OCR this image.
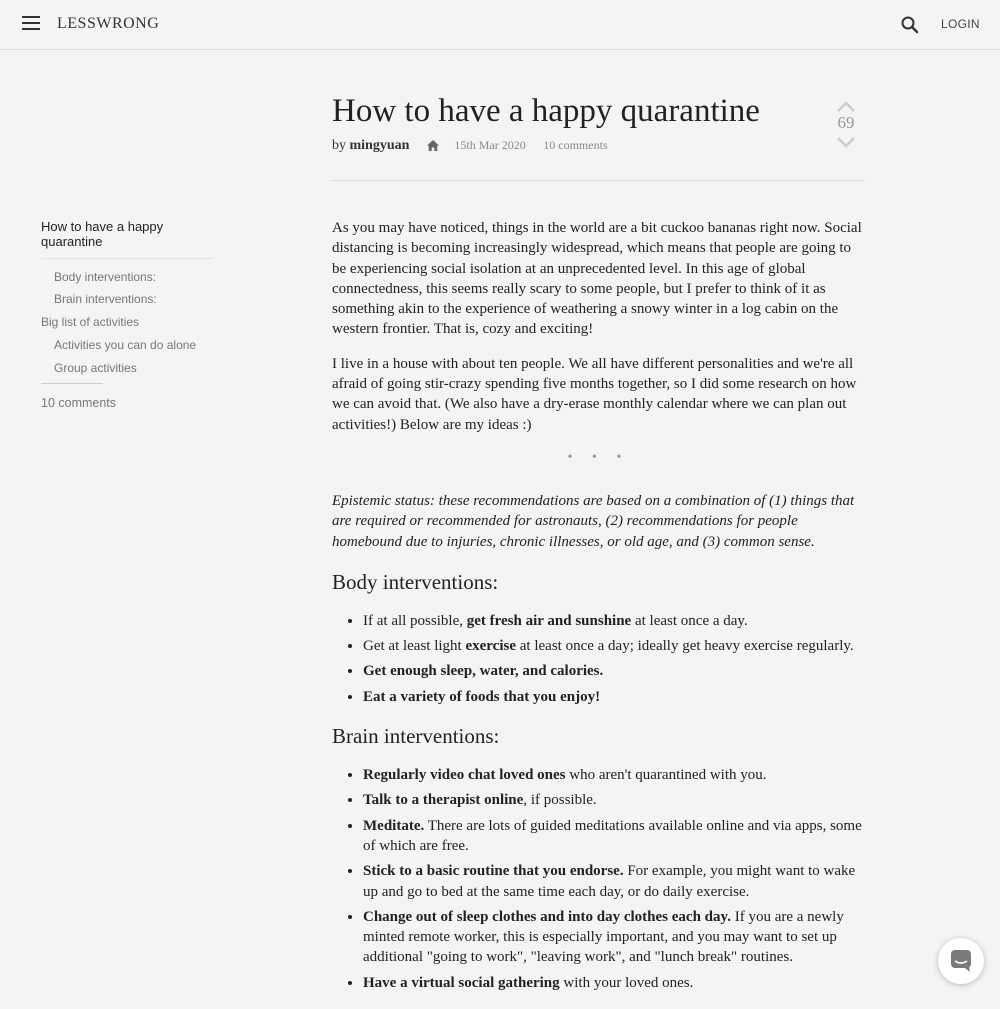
LESSWRONG	LOGIN
How to have a happy quarantine
Body interventions:
Brain interventions:
Big list of activities
Activities you can do alone
Group activities
10 comments
How to have a happy quarantine
by mingyuan	15th Mar 2020 10 comments
69

As you may have noticed, things in the world are a bit cuckoo bananas right now. Social distancing is becoming increasingly widespread, which means that people are going to be experiencing social isolation at an unprecedented level. In this age of global connectedness, this seems really scary to some people, but I prefer to think of it as something akin to the experience of weathering a snowy winter in a log cabin on the western frontier. That is, cozy and exciting!

I live in a house with about ten people. We all have different personalities and we're all afraid of going stir-crazy spending five months together, so I did some research on how we can avoid that. (We also have a dry-erase monthly calendar where we can plan out activities!) Below are my ideas :)

• • •

Epistemic status: these recommendations are based on a combination of (1) things that are required or recommended for astronauts, (2) recommendations for people homebound due to injuries, chronic illnesses, or old age, and (3) common sense.

Body interventions:
• If at all possible, get fresh air and sunshine at least once a day.
• Get at least light exercise at least once a day; ideally get heavy exercise regularly.
• Get enough sleep, water, and calories.
• Eat a variety of foods that you enjoy!
Brain interventions:
• Regularly video chat loved ones who aren't quarantined with you.
• Talk to a therapist online, if possible.
• Meditate. There are lots of guided meditations available online and via apps, some of which are free.
• Stick to a basic routine that you endorse. For example, you might want to wake up and go to bed at the same time each day, or do daily exercise.
• Change out of sleep clothes and into day clothes each day. If you are a newly minted remote worker, this is especially important, and you may want to set up additional "going to work", "leaving work", and "lunch break" routines.
• Have a virtual social gathering with your loved ones.
